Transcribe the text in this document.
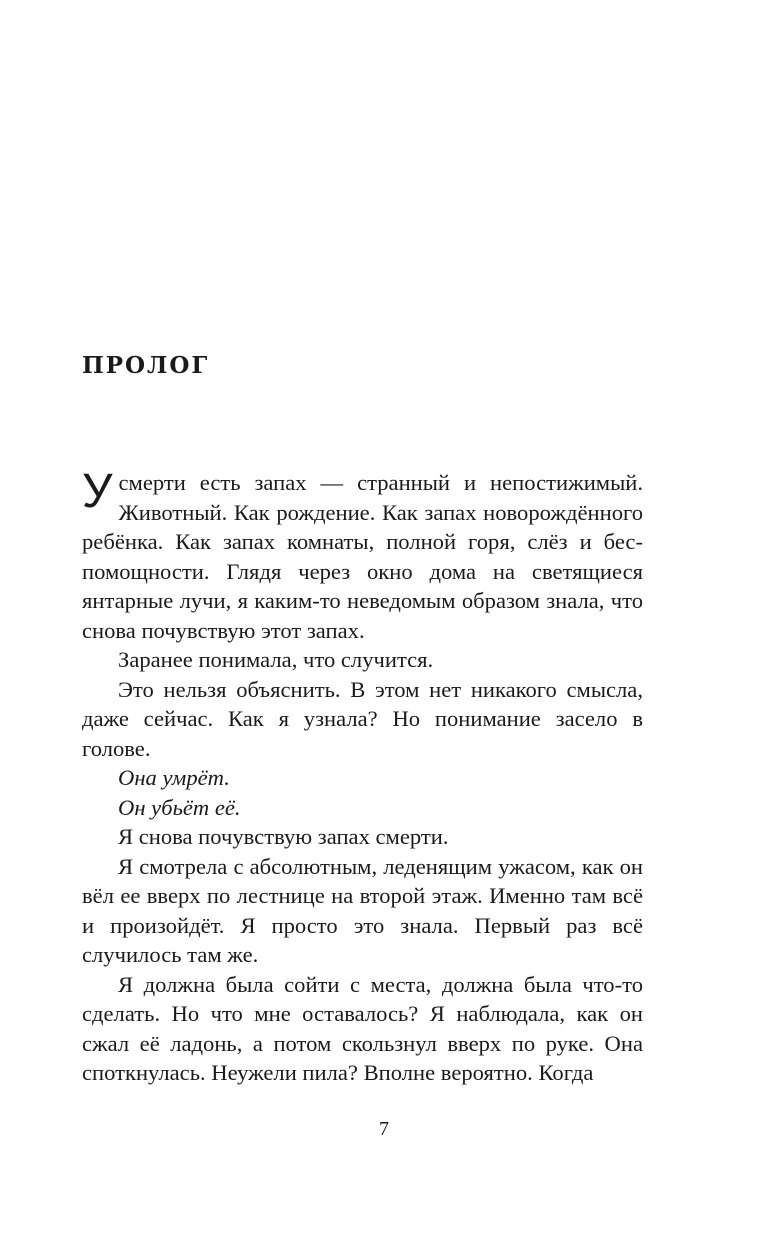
ПРОЛОГ

Усмерти есть запах — странный и непостижимый. Животный. Как рождение. Как запах новорождённого ребёнка. Как запах комнаты, полной горя, слёз и беспомощности. Глядя через окно дома на светящиеся янтарные лучи, я каким-то неведомым образом знала, что снова почувствую этот запах.

Заранее понимала, что случится.

Это нельзя объяснить. В этом нет никакого смысла, даже сейчас. Как я узнала? Но понимание засело в голове.

Она умрёт.

Он убьёт её.

Я снова почувствую запах смерти.

Я смотрела с абсолютным, леденящим ужасом, как он вёл ее вверх по лестнице на второй этаж. Именно там всё и произойдёт. Я просто это знала. Первый раз всё случилось там же.

Я должна была сойти с места, должна была что-то сделать. Но что мне оставалось? Я наблюдала, как он сжал её ладонь, а потом скользнул вверх по руке. Она споткнулась. Неужели пила? Вполне вероятно. Когда

7
